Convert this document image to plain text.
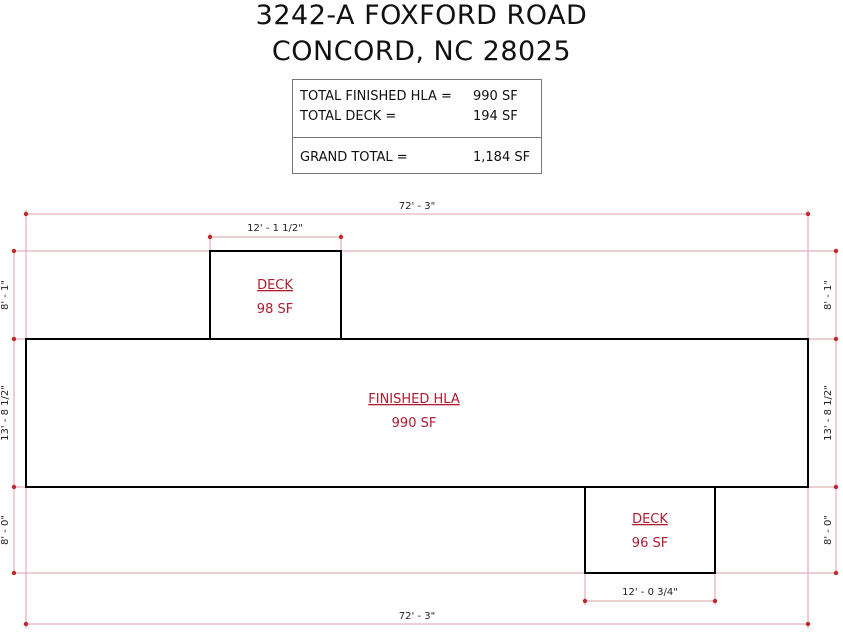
3242-A FOXFORD ROAD
CONCORD, NC 28025
TOTAL FINISHED HLA = 990 SF
TOTAL DECK =	194 SF
GRAND TOTAL =	1,184 SF
DECK
98 SF
FINISHED HLA
990 SF
DECK
96 SF
72' - 3"
12' - 1 1/2"
12' - 0 3/4"
72' - 3"
8' - 1"
13' - 8 1/2"
8' - 0"
8' - 1"
13' - 8 1/2"
8' - 0"
